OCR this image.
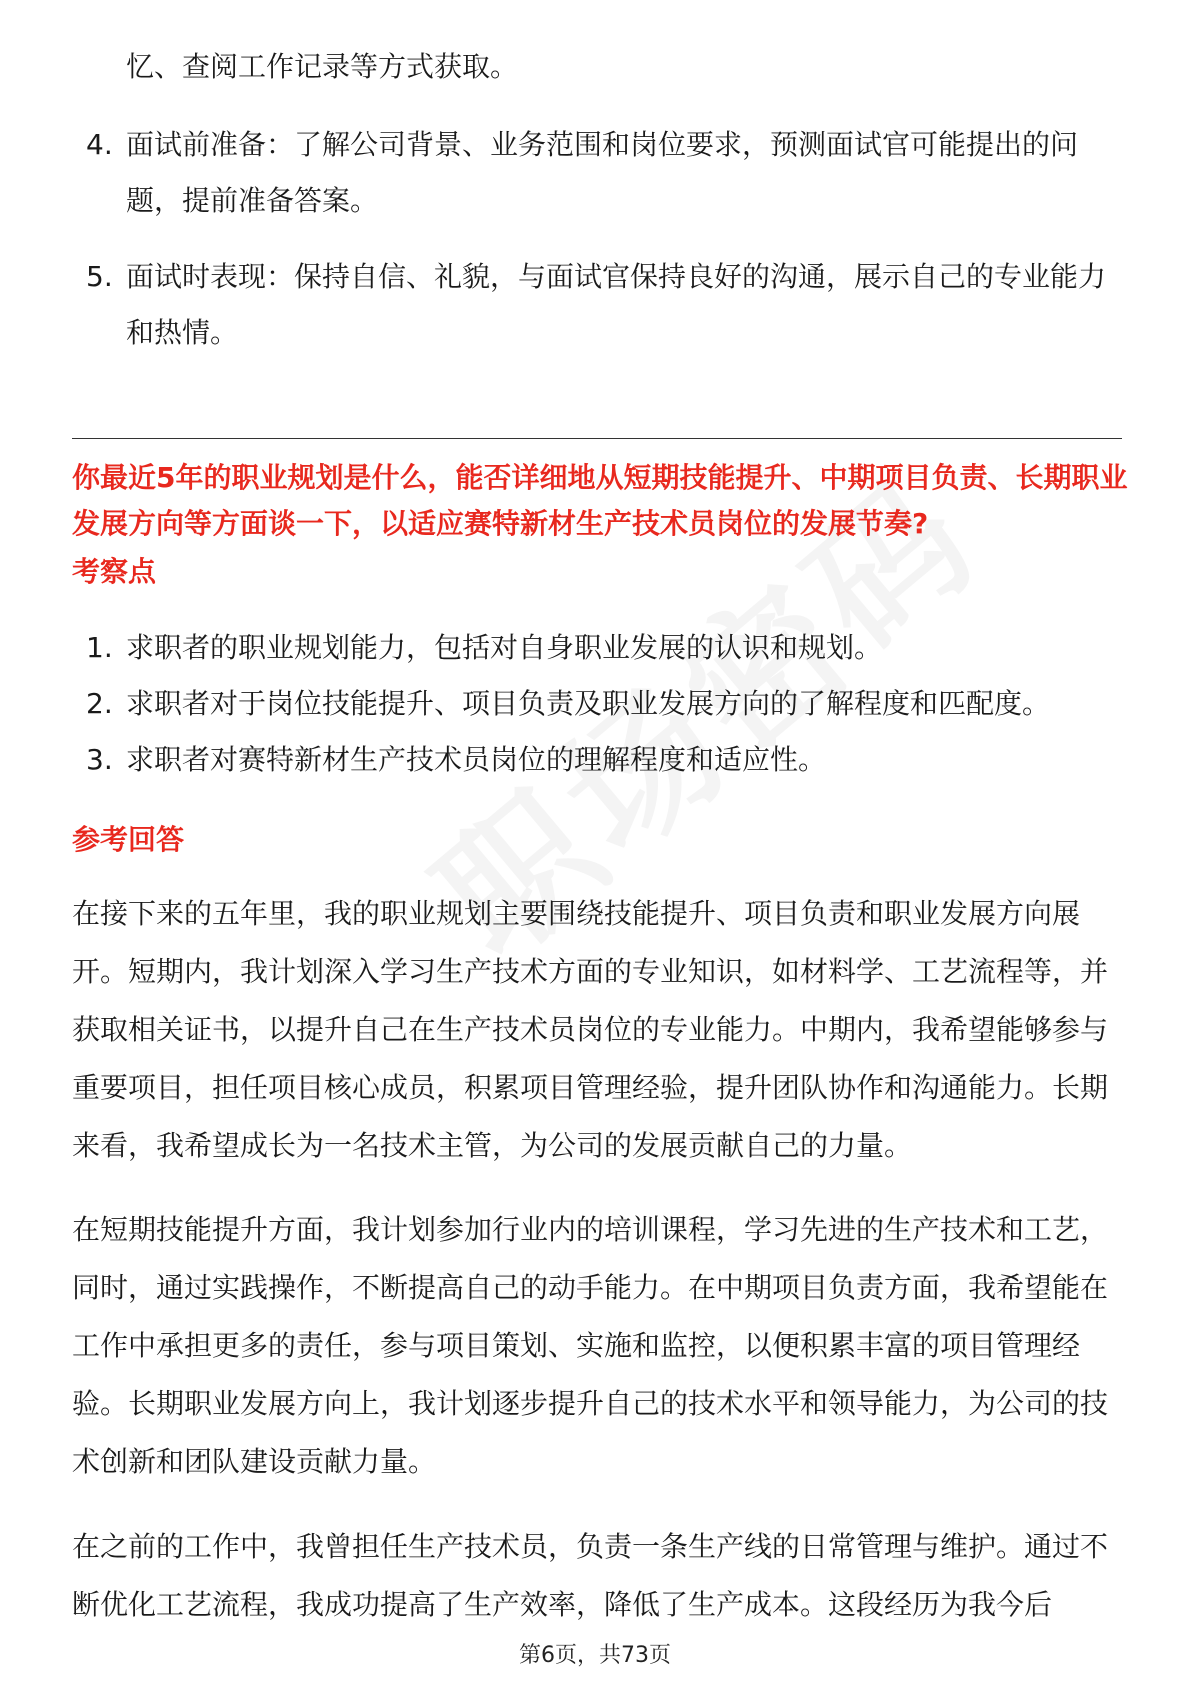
忆、查阅工作记录等方式获取。
4. 面试前准备：了解公司背景、业务范围和岗位要求，预测面试官可能提出的问题，提前准备答案。
5. 面试时表现：保持自信、礼貌，与面试官保持良好的沟通，展示自己的专业能力和热情。
你最近5年的职业规划是什么，能否详细地从短期技能提升、中期项目负责、长期职业发展方向等方面谈一下，以适应赛特新材生产技术员岗位的发展节奏?
考察点
1. 求职者的职业规划能力，包括对自身职业发展的认识和规划。
2. 求职者对于岗位技能提升、项目负责及职业发展方向的了解程度和匹配度。
3. 求职者对赛特新材生产技术员岗位的理解程度和适应性。
参考回答
在接下来的五年里，我的职业规划主要围绕技能提升、项目负责和职业发展方向展开。短期内，我计划深入学习生产技术方面的专业知识，如材料学、工艺流程等，并获取相关证书，以提升自己在生产技术员岗位的专业能力。中期内，我希望能够参与重要项目，担任项目核心成员，积累项目管理经验，提升团队协作和沟通能力。长期来看，我希望成长为一名技术主管，为公司的发展贡献自己的力量。
在短期技能提升方面，我计划参加行业内的培训课程，学习先进的生产技术和工艺，同时，通过实践操作，不断提高自己的动手能力。在中期项目负责方面，我希望能在工作中承担更多的责任，参与项目策划、实施和监控，以便积累丰富的项目管理经验。长期职业发展方向上，我计划逐步提升自己的技术水平和领导能力，为公司的技术创新和团队建设贡献力量。
在之前的工作中，我曾担任生产技术员，负责一条生产线的日常管理与维护。通过不断优化工艺流程，我成功提高了生产效率，降低了生产成本。这段经历为我今后
第6页，共73页
